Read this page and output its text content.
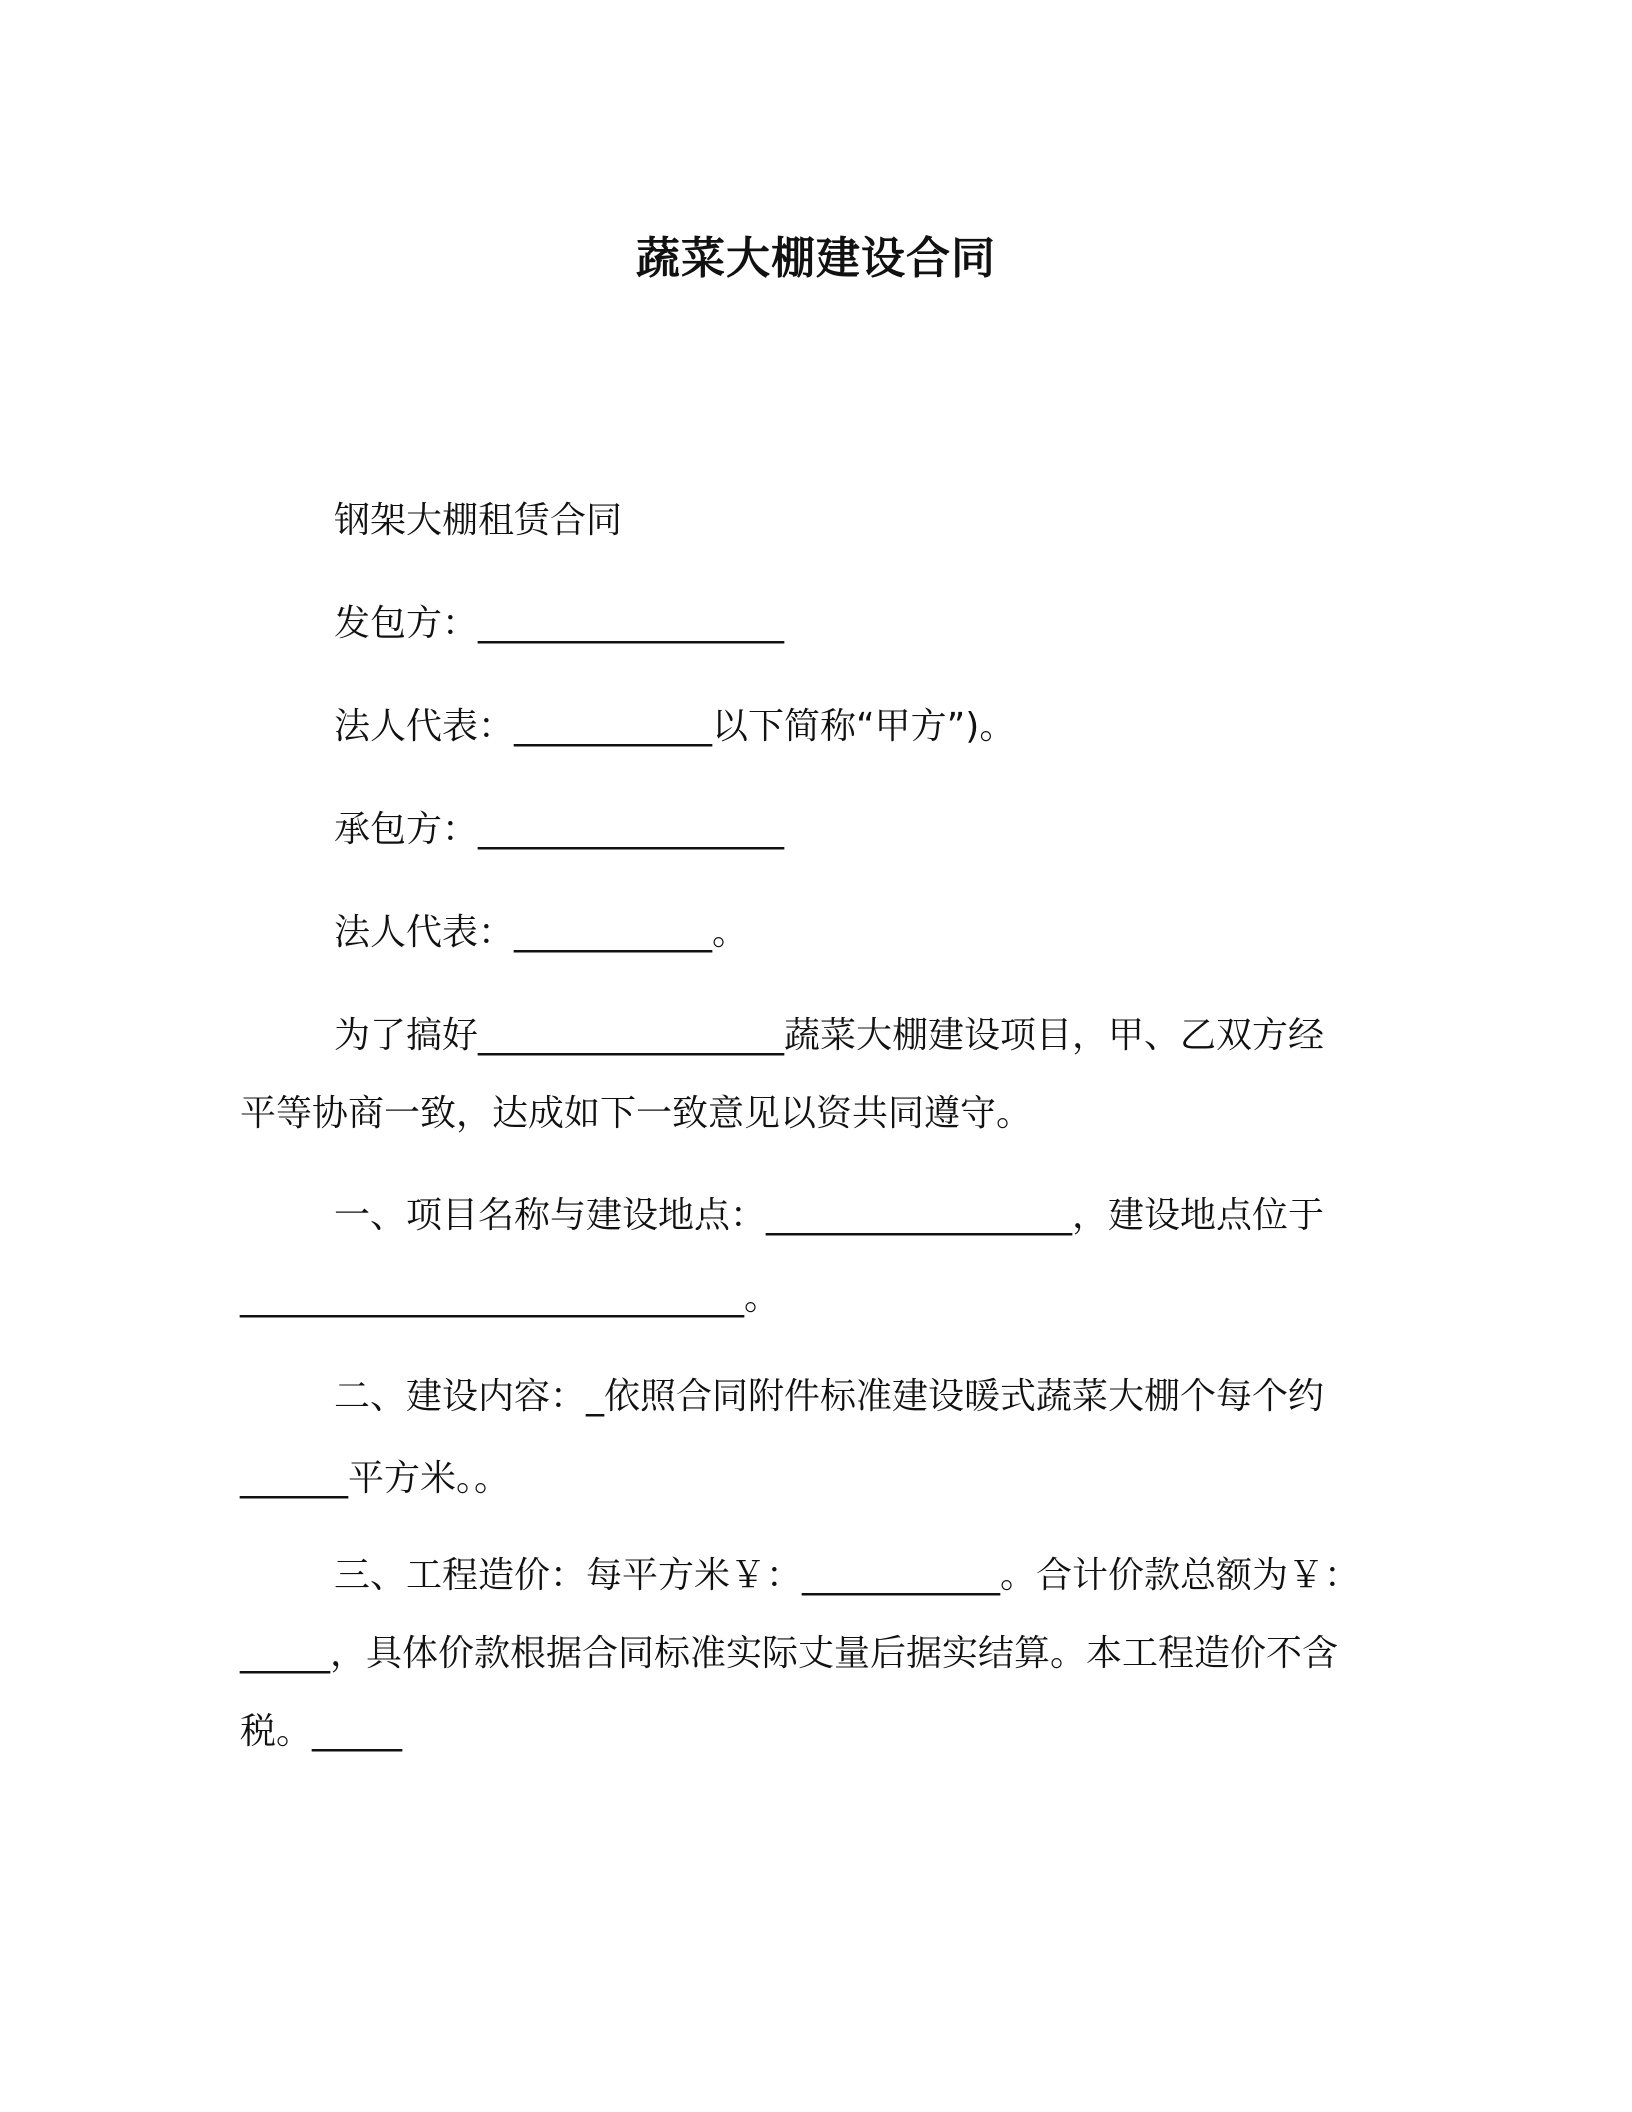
蔬菜大棚建设合同
钢架大棚租赁合同
发包方：_________________
法人代表：___________以下简称“甲方”)。
承包方：_________________
法人代表：___________。
为了搞好_________________蔬菜大棚建设项目，甲、乙双方经
平等协商一致，达成如下一致意见以资共同遵守。
一、项目名称与建设地点：_________________，建设地点位于
____________________________。
二、建设内容：_依照合同附件标准建设暖式蔬菜大棚个每个约
______平方米。。
三、工程造价：每平方米￥：___________。合计价款总额为￥：
_____，具体价款根据合同标准实际丈量后据实结算。本工程造价不含
税。_____
